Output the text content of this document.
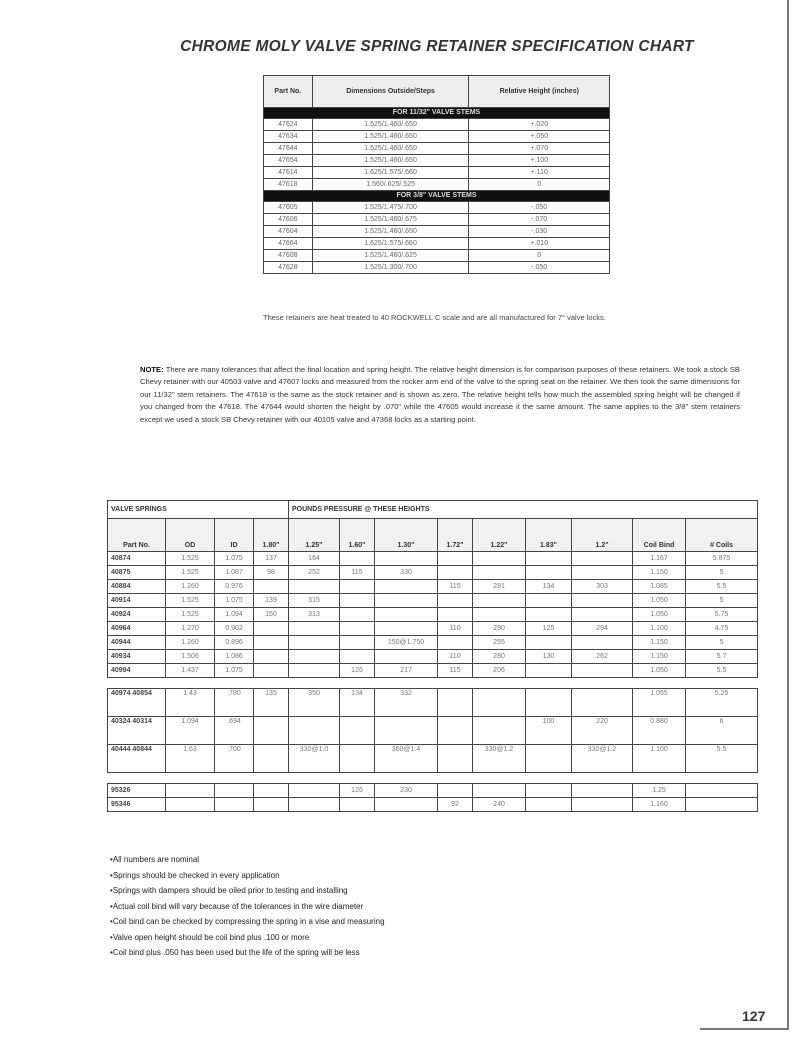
CHROME MOLY VALVE SPRING RETAINER SPECIFICATION CHART
Part No.	Dimensions Outside/Steps	Relative Height (inches)
FOR 11/32" VALVE STEMS		
47624	1.525/1.460/.650	+.020
47634	1.525/1.460/.650	+.050
47644	1.525/1.460/.650	+.070
47654	1.525/1.460/.650	+.100
47614	1.625/1.575/.660	+.110
47618	1.560/.625/.525	0
FOR 3/8" VALVE STEMS		
47605	1.525/1.475/.700	-.050
47606	1.525/1.460/.675	-.070
47604	1.525/1.460/.650	-.030
47664	1.625/1.575/.660	+.010
47608	1.525/1.460/.625	0
47628	1.525/1.300/.700	-.050
These retainers are heat treated to 40 ROCKWELL C scale and are all manufactured for 7° valve locks.
NOTE: There are many tolerances that affect the final location and spring height. The relative height dimension is for comparison purposes of these retainers. We took a stock SB Chevy retainer with our 40503 valve and 47607 locks and measured from the rocker arm end of the valve to the spring seat on the retainer. We then took the same dimensions for our 11/32" stem retainers. The 47618 is the same as the stock retainer and is shown as zero. The relative height tells how much the assembled spring height will be changed if you changed from the 47618. The 47644 would shorten the height by .070" while the 47605 would increase it the same amount. The same applies to the 3/8" stem retainers except we used a stock SB Chevy retainer with our 40105 valve and 47368 locks as a starting point.
VALVE SPRINGS				POUNDS PRESSURE @ THESE HEIGHTS								
Part No.	OD	ID	1.80"	1.25"	1.60"	1.30"	1.72"	1.22"	1.83"	1.2"	Coil Bind	# Coils
40874	1.525	1.075	137	164							1.167	5.875
40875	1.525	1.087	98	252	115	330					1.150	5
40884	1.260	0.976					115	281	134	303	1.085	5.5
40914	1.525	1.075	139	315							1.050	5
40924	1.525	1.094	150	313							1.050	5.75
40964	1.270	0.902					110	290	125	294	1.100	4.75
40944	1.260	0.896				150@1.750		255			1.150	5
40934	1.506	1.086					110	280	130	262	1.150	5.7
40994	1.437	1.075			126	217	115	206			1.050	5.5

40974 40854	1.43	.780	135	350	134	332					1.055	5.25
40324 40314	1.094	.694							100	220	0.880	6
40444 40844	1.63	.700		330@1.0		360@1.4		330@1.2		330@1.2	1.100	5.5

95326					126	230					1.25	
95346							92	240			1.160	
• All numbers are nominal
• Springs should be checked in every application
• Springs with dampers should be oiled prior to testing and installing
• Actual coil bind will vary because of the tolerances in the wire diameter
• Coil bind can be checked by compressing the spring in a vise and measuring
• Valve open height should be coil bind plus .100 or more
• Coil bind plus .050 has been used but the life of the spring will be less
127
